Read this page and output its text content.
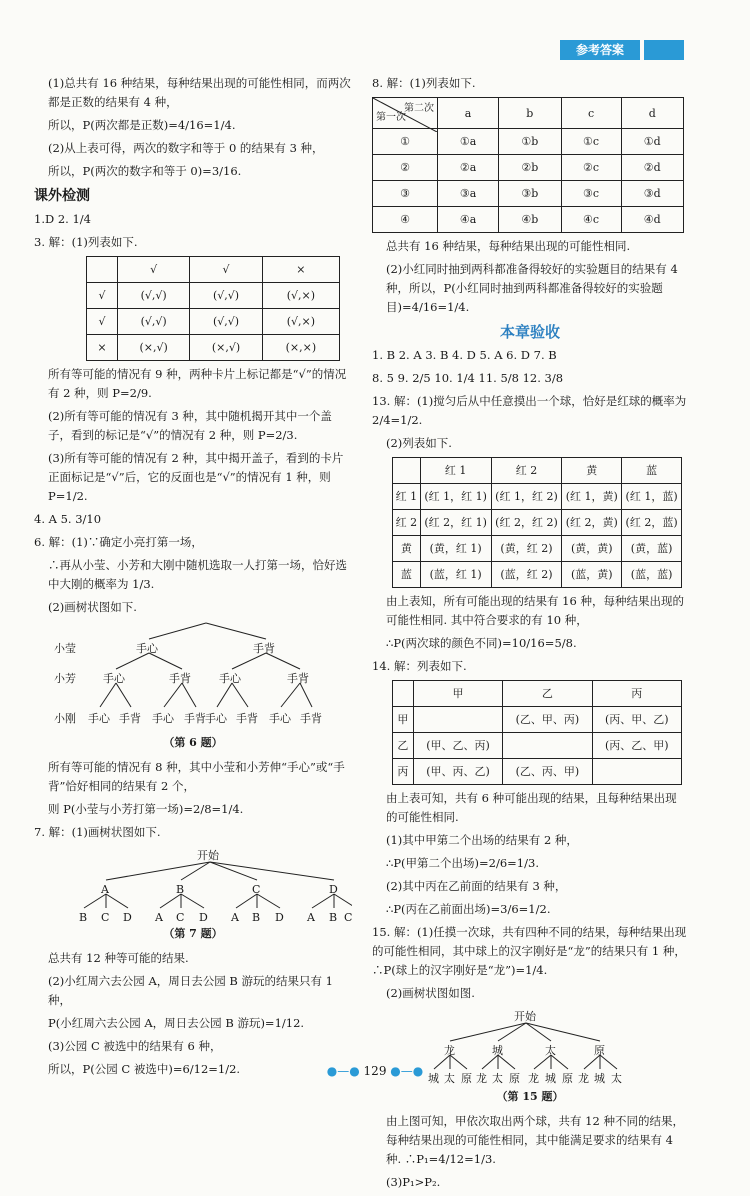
参考答案

(1)总共有 16 种结果，每种结果出现的可能性相同，而两次都是正数的结果有 4 种，

所以，P(两次都是正数)=4/16=1/4.

(2)从上表可得，两次的数字和等于 0 的结果有 3 种，

所以，P(两次的数字和等于 0)=3/16.

课外检测

1.D 2. 1/4

3. 解：(1)列表如下.

	√	√	×
√	(√,√)	(√,√)	(√,×)
√	(√,√)	(√,√)	(√,×)
×	(×,√)	(×,√)	(×,×)

所有等可能的情况有 9 种，两种卡片上标记都是“√”的情况有 2 种，则 P=2/9.

(2)所有等可能的情况有 3 种，其中随机揭开其中一个盖子，看到的标记是“√”的情况有 2 种，则 P=2/3.

(3)所有等可能的情况有 2 种，其中揭开盖子，看到的卡片正面标记是“√”后，它的反面也是“√”的情况有 1 种，则 P=1/2.

4. A 5. 3/10

6. 解：(1)∵确定小亮打第一场，

∴再从小莹、小芳和大刚中随机选取一人打第一场，恰好选中大刚的概率为 1/3.

(2)画树状图如下.

小莹
小芳
小刚
手心	手背
手心	手背	手心	手背
手心 手背 手心 手背 手心 手背 手心 手背
（第 6 题）

所有等可能的情况有 8 种，其中小莹和小芳伸“手心”或“手背”恰好相同的结果有 2 个，

则 P(小莹与小芳打第一场)=2/8=1/4.

7. 解：(1)画树状图如下.

开始
A	B	C	D
B C D A C D A B D A B C
（第 7 题）

总共有 12 种等可能的结果.

(2)小红周六去公园 A，周日去公园 B 游玩的结果只有 1 种，

P(小红周六去公园 A，周日去公园 B 游玩)=1/12.

(3)公园 C 被选中的结果有 6 种，

所以，P(公园 C 被选中)=6/12=1/2.

8. 解：(1)列表如下.

第二次
第一次	a	b	c	d
①	①a	①b	①c	①d
②	②a	②b	②c	②d
③	③a	③b	③c	③d
④	④a	④b	④c	④d

总共有 16 种结果，每种结果出现的可能性相同.

(2)小红同时抽到两科都准备得较好的实验题目的结果有 4 种，所以，P(小红同时抽到两科都准备得较好的实验题目)=4/16=1/4.

本章验收

1. B 2. A 3. B 4. D 5. A 6. D 7. B

8. 5 9. 2/5 10. 1/4 11. 5/8 12. 3/8

13. 解：(1)搅匀后从中任意摸出一个球，恰好是红球的概率为 2/4=1/2.

(2)列表如下.

	红 1	红 2	黄	蓝
红 1	(红 1，红 1)	(红 1，红 2)	(红 1，黄)	(红 1，蓝)
红 2	(红 2，红 1)	(红 2，红 2)	(红 2，黄)	(红 2，蓝)
黄	(黄，红 1)	(黄，红 2)	(黄，黄)	(黄，蓝)
蓝	(蓝，红 1)	(蓝，红 2)	(蓝，黄)	(蓝，蓝)

由上表知，所有可能出现的结果有 16 种，每种结果出现的可能性相同. 其中符合要求的有 10 种，

∴P(两次球的颜色不同)=10/16=5/8.

14. 解：列表如下.

	甲	乙	丙
甲		(乙、甲、丙)	(丙、甲、乙)
乙	(甲、乙、丙)		(丙、乙、甲)
丙	(甲、丙、乙)	(乙、丙、甲)	

由上表可知，共有 6 种可能出现的结果，且每种结果出现的可能性相同.

(1)其中甲第二个出场的结果有 2 种，

∴P(甲第二个出场)=2/6=1/3.

(2)其中丙在乙前面的结果有 3 种，

∴P(丙在乙前面出场)=3/6=1/2.

15. 解：(1)任摸一次球，共有四种不同的结果，每种结果出现的可能性相同，其中球上的汉字刚好是“龙”的结果只有 1 种，∴P(球上的汉字刚好是“龙”)=1/4.

(2)画树状图如图.

开始
龙	城	太	原
城 太 原 龙 太 原 龙 城 原 龙 城 太
（第 15 题）

由上图可知，甲依次取出两个球，共有 12 种不同的结果，每种结果出现的可能性相同，其中能满足要求的结果有 4 种. ∴P₁=4/12=1/3.

(3)P₁>P₂.

●—● 129 ●—●
